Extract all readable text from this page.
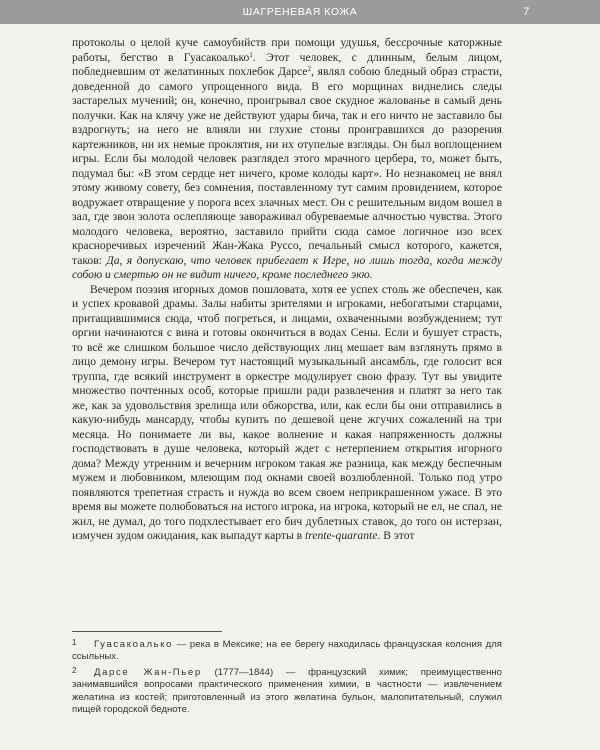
ШАГРЕНЕВАЯ КОЖА	7

протоколы о целой куче самоубийств при помощи удушья, бессрочные каторжные работы, бегство в Гуасакоалько$^1$. Этот человек, с длинным, белым лицом, побледневшим от желатинных похлебок Дарсе$^2$, являл собою бледный образ страсти, доведенной до самого упрощенного вида. В его морщинах виднелись следы застарелых мучений; он, конечно, проигрывал свое скудное жалованье в самый день получки. Как на клячу уже не действуют удары бича, так и его ничто не заставило бы вздрогнуть; на него не влияли ни глухие стоны проигравшихся до разорения картежников, ни их немые проклятия, ни их отупелые взгляды. Он был воплощением игры. Если бы молодой человек разглядел этого мрачного цербера, то, может быть, подумал бы: «В этом сердце нет ничего, кроме колоды карт». Но незнакомец не внял этому живому совету, без сомнения, поставленному тут самим провидением, которое водружает отвращение у порога всех злачных мест. Он с решительным видом вошел в зал, где звон золота ослепляюще завораживал обуреваемые алчностью чувства. Этого молодого человека, вероятно, заставило прийти сюда самое логичное изо всех красноречивых изречений Жан-Жака Руссо, печальный смысл которого, кажется, таков: Да, я допускаю, что человек прибегает к Игре, но лишь тогда, когда между собою и смертью он не видит ничего, кроме последнего экю.

Вечером поэзия игорных домов пошловата, хотя ее успех столь же обеспечен, как и успех кровавой драмы. Залы набиты зрителями и игроками, небогатыми старцами, притащившимися сюда, чтоб погреться, и лицами, охваченными возбуждением; тут оргии начинаются с вина и готовы окончиться в водах Сены. Если и бушует страсть, то всё же слишком большое число действующих лиц мешает вам взглянуть прямо в лицо демону игры. Вечером тут настоящий музыкальный ансамбль, где голосит вся труппа, где всякий инструмент в оркестре модулирует свою фразу. Тут вы увидите множество почтенных особ, которые пришли ради развлечения и платят за него так же, как за удовольствия зрелища или обжорства, или, как если бы они отправились в какую-нибудь мансарду, чтобы купить по дешевой цене жгучих сожалений на три месяца. Но понимаете ли вы, какое волнение и какая напряженность должны господствовать в душе человека, который ждет с нетерпением открытия игорного дома? Между утренним и вечерним игроком такая же разница, как между беспечным мужем и любовником, млеющим под окнами своей возлюбленной. Только под утро появляются трепетная страсть и нужда во всем своем неприкрашенном ужасе. В это время вы можете полюбоваться на истого игрока, на игрока, который не ел, не спал, не жил, не думал, до того подхлестывает его бич дублетных ставок, до того он истерзан, измучен зудом ожидания, как выпадут карты в trente-quarante. В этот

1 Гуасакоалько — река в Мексике; на ее берегу находилась французская колония для ссыльных.

2 Дарсе Жан-Пьер (1777—1844) — французский химик; преимущественно занимавшийся вопросами практического применения химии, в частности — извлечением желатина из костей; приготовленный из этого желатина бульон, малопитательный, служил пищей городской бедноте.
